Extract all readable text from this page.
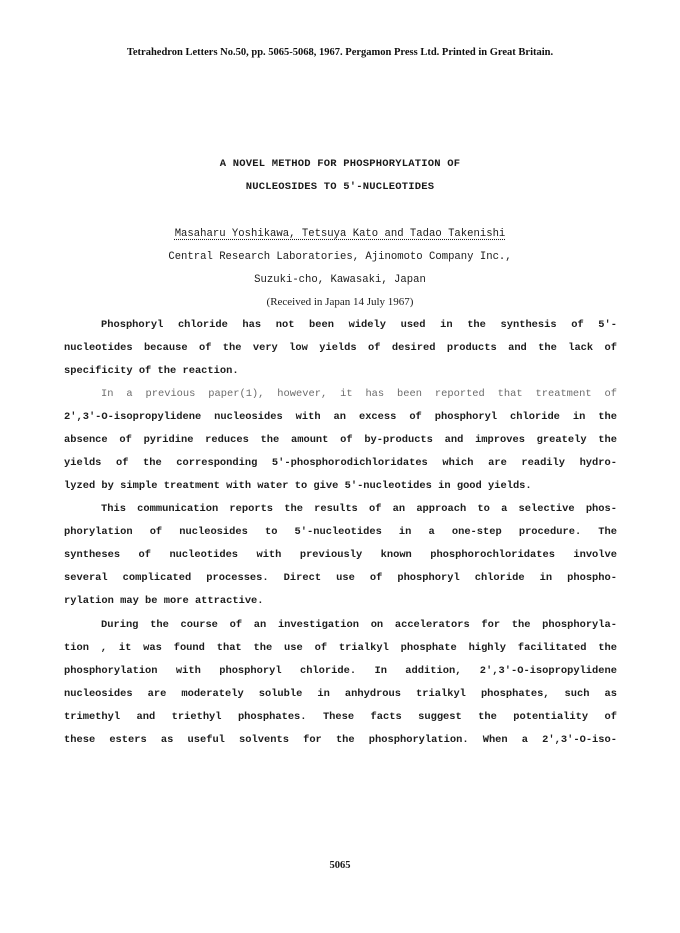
Tetrahedron Letters No.50, pp. 5065-5068, 1967. Pergamon Press Ltd. Printed in Great Britain.
A NOVEL METHOD FOR PHOSPHORYLATION OF
NUCLEOSIDES TO 5′-NUCLEOTIDES
Masaharu Yoshikawa, Tetsuya Kato and Tadao Takenishi
Central Research Laboratories, Ajinomoto Company Inc.,
Suzuki-cho, Kawasaki, Japan
(Received in Japan 14 July 1967)
Phosphoryl chloride has not been widely used in the synthesis of 5′-
nucleotides because of the very low yields of desired products and the lack of
specificity of the reaction.
In a previous paper(1), however, it has been reported that treatment of
2′,3′-O-isopropylidene nucleosides with an excess of phosphoryl chloride in the
absence of pyridine reduces the amount of by-products and improves greately the
yields of the corresponding 5′-phosphorodichloridates which are readily hydro-
lyzed by simple treatment with water to give 5′-nucleotides in good yields.
This communication reports the results of an approach to a selective phos-
phorylation of nucleosides to 5′-nucleotides in a one-step procedure. The
syntheses of nucleotides with previously known phosphorochloridates involve
several complicated processes. Direct use of phosphoryl chloride in phospho-
rylation may be more attractive.
During the course of an investigation on accelerators for the phosphoryla-
tion , it was found that the use of trialkyl phosphate highly facilitated the
phosphorylation with phosphoryl chloride. In addition, 2′,3′-O-isopropylidene
nucleosides are moderately soluble in anhydrous trialkyl phosphates, such as
trimethyl and triethyl phosphates. These facts suggest the potentiality of
these esters as useful solvents for the phosphorylation. When a 2′,3′-O-iso-
5065
